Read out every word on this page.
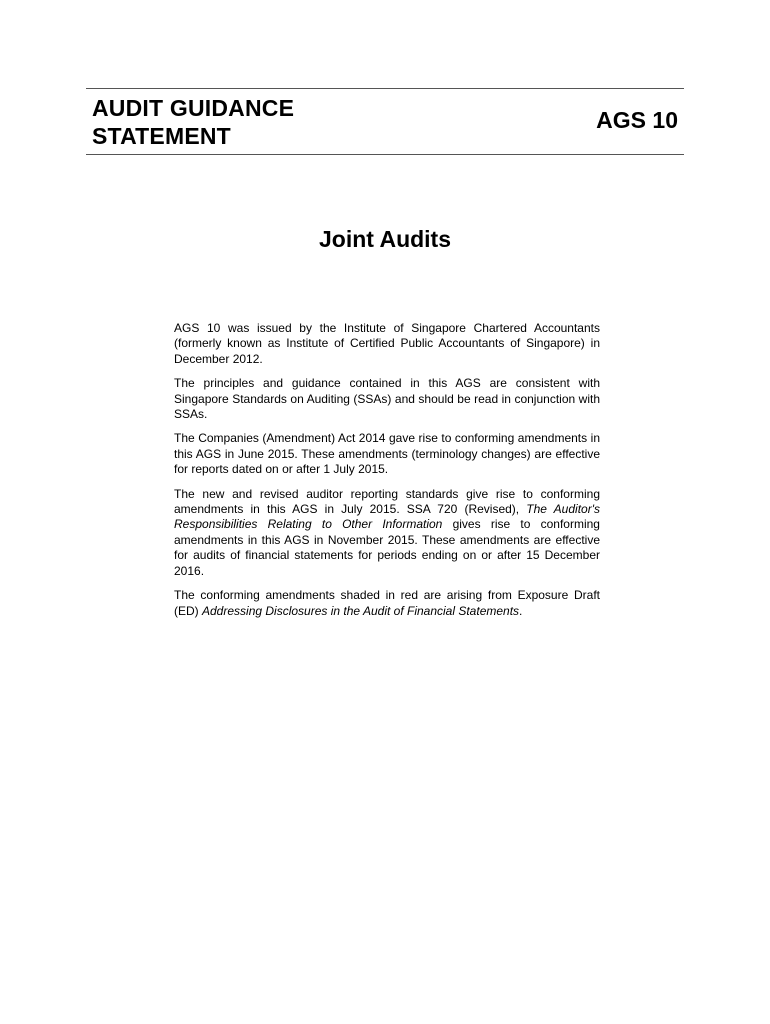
AUDIT GUIDANCE
STATEMENT
AGS 10
Joint Audits

AGS 10 was issued by the Institute of Singapore Chartered Accountants (formerly known as Institute of Certified Public Accountants of Singapore) in December 2012.

The principles and guidance contained in this AGS are consistent with Singapore Standards on Auditing (SSAs) and should be read in conjunction with SSAs.

The Companies (Amendment) Act 2014 gave rise to conforming amendments in this AGS in June 2015. These amendments (terminology changes) are effective for reports dated on or after 1 July 2015.

The new and revised auditor reporting standards give rise to conforming amendments in this AGS in July 2015. SSA 720 (Revised), The Auditor's Responsibilities Relating to Other Information gives rise to conforming amendments in this AGS in November 2015. These amendments are effective for audits of financial statements for periods ending on or after 15 December 2016.

The conforming amendments shaded in red are arising from Exposure Draft (ED) Addressing Disclosures in the Audit of Financial Statements.
